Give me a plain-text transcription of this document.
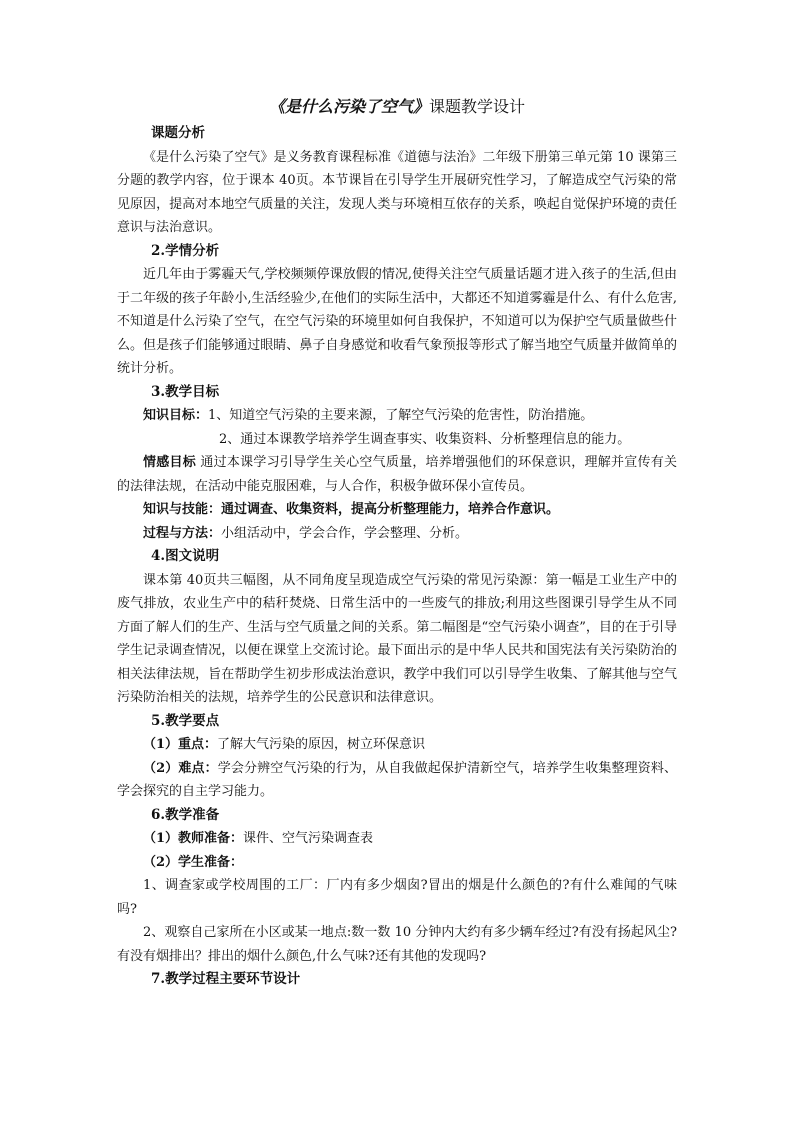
《是什么污染了空气》课题教学设计

课题分析

《是什么污染了空气》是义务教育课程标准《道德与法治》二年级下册第三单元第 10 课第三分题的教学内容，位于课本 40页。本节课旨在引导学生开展研究性学习，了解造成空气污染的常见原因，提高对本地空气质量的关注，发现人类与环境相互依存的关系，唤起自觉保护环境的责任意识与法治意识。

2.学情分析

近几年由于雾霾天气,学校频频停课放假的情况,使得关注空气质量话题才进入孩子的生活,但由于二年级的孩子年龄小,生活经验少,在他们的实际生活中，大都还不知道雾霾是什么、有什么危害,不知道是什么污染了空气，在空气污染的环境里如何自我保护，不知道可以为保护空气质量做些什么。但是孩子们能够通过眼睛、鼻子自身感觉和收看气象预报等形式了解当地空气质量并做简单的统计分析。

3.教学目标

知识目标：1、知道空气污染的主要来源，了解空气污染的危害性，防治措施。

2、通过本课教学培养学生调查事实、收集资料、分析整理信息的能力。

情感目标 通过本课学习引导学生关心空气质量，培养增强他们的环保意识，理解并宣传有关的法律法规，在活动中能克服困难，与人合作，积极争做环保小宣传员。

知识与技能：通过调查、收集资料，提高分析整理能力，培养合作意识。

过程与方法：小组活动中，学会合作，学会整理、分析。

4.图文说明

课本第 40页共三幅图，从不同角度呈现造成空气污染的常见污染源：第一幅是工业生产中的废气排放，农业生产中的秸秆焚烧、日常生活中的一些废气的排放;利用这些图课引导学生从不同方面了解人们的生产、生活与空气质量之间的关系。第二幅图是“空气污染小调查”，目的在于引导学生记录调查情况，以便在课堂上交流讨论。最下面出示的是中华人民共和国宪法有关污染防治的相关法律法规，旨在帮助学生初步形成法治意识，教学中我们可以引导学生收集、了解其他与空气污染防治相关的法规，培养学生的公民意识和法律意识。

5.教学要点

（1）重点：了解大气污染的原因，树立环保意识

（2）难点：学会分辨空气污染的行为，从自我做起保护清新空气，培养学生收集整理资料、学会探究的自主学习能力。

6.教学准备

（1）教师准备：课件、空气污染调查表

（2）学生准备：

1、调查家或学校周围的工厂：厂内有多少烟囱?冒出的烟是什么颜色的?有什么难闻的气味吗?

2、观察自己家所在小区或某一地点:数一数 10 分钟内大约有多少辆车经过?有没有扬起风尘?有没有烟排出？排出的烟什么颜色,什么气味?还有其他的发现吗?

7.教学过程主要环节设计
